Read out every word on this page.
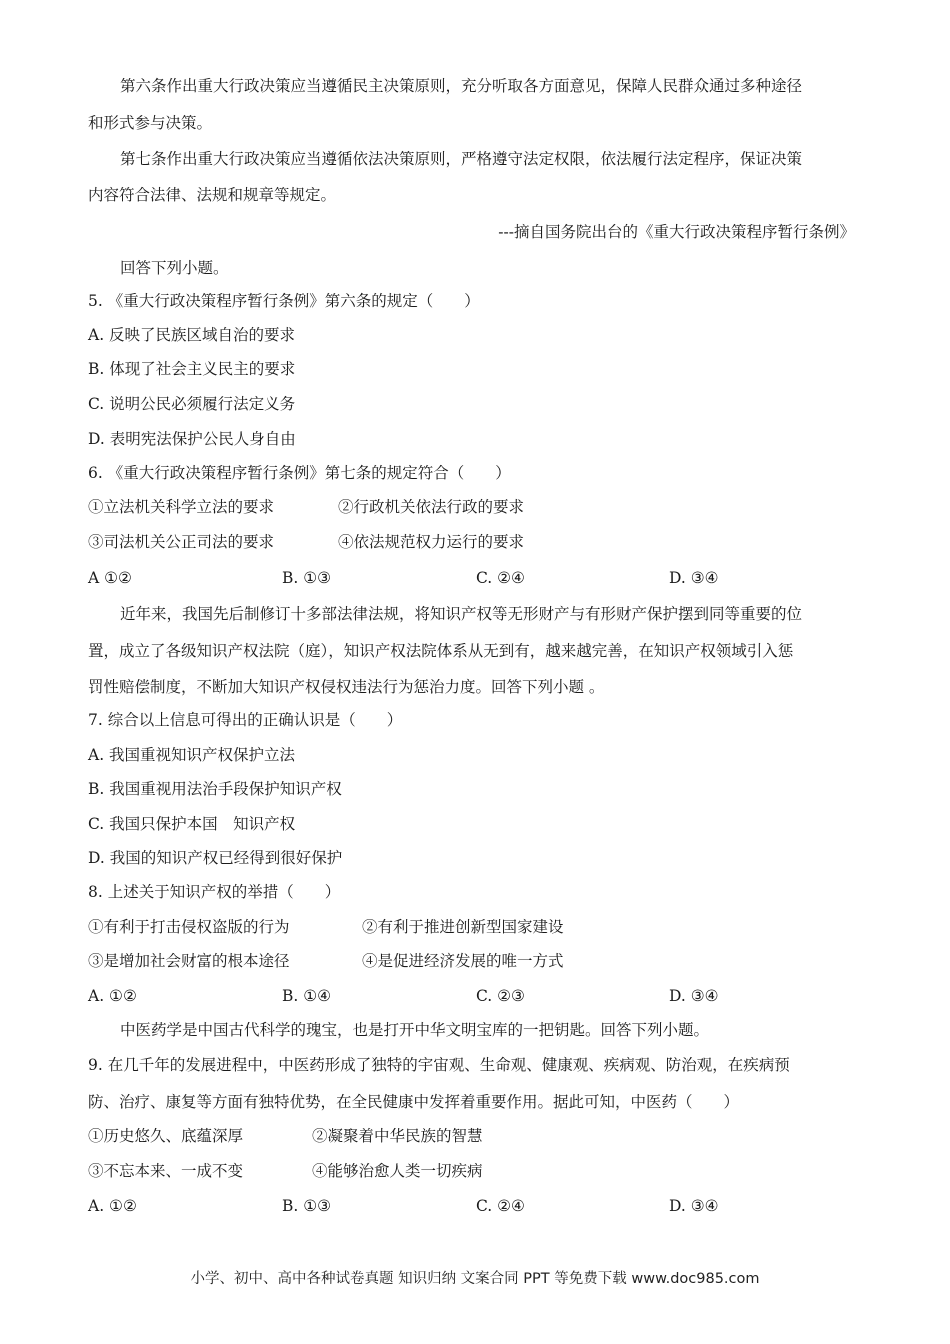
第六条作出重大行政决策应当遵循民主决策原则，充分听取各方面意见，保障人民群众通过多种途径
和形式参与决策。
第七条作出重大行政决策应当遵循依法决策原则，严格遵守法定权限，依法履行法定程序，保证决策
内容符合法律、法规和规章等规定。
---摘自国务院出台的《重大行政决策程序暂行条例》
回答下列小题。
5. 《重大行政决策程序暂行条例》第六条的规定（　　）
A. 反映了民族区域自治的要求
B. 体现了社会主义民主的要求
C. 说明公民必须履行法定义务
D. 表明宪法保护公民人身自由
6. 《重大行政决策程序暂行条例》第七条的规定符合（　　）
①立法机关科学立法的要求	②行政机关依法行政的要求
③司法机关公正司法的要求	④依法规范权力运行的要求
A ①②	B. ①③	C. ②④	D. ③④
近年来，我国先后制修订十多部法律法规，将知识产权等无形财产与有形财产保护摆到同等重要的位
置，成立了各级知识产权法院（庭），知识产权法院体系从无到有，越来越完善，在知识产权领域引入惩
罚性赔偿制度，不断加大知识产权侵权违法行为惩治力度。回答下列小题 。
7. 综合以上信息可得出的正确认识是（　　）
A. 我国重视知识产权保护立法
B. 我国重视用法治手段保护知识产权
C. 我国只保护本国　知识产权
D. 我国的知识产权已经得到很好保护
8. 上述关于知识产权的举措（　　）
①有利于打击侵权盗版的行为	②有利于推进创新型国家建设
③是增加社会财富的根本途径	④是促进经济发展的唯一方式
A. ①②	B. ①④	C. ②③	D. ③④
中医药学是中国古代科学的瑰宝，也是打开中华文明宝库的一把钥匙。回答下列小题。
9. 在几千年的发展进程中，中医药形成了独特的宇宙观、生命观、健康观、疾病观、防治观，在疾病预
防、治疗、康复等方面有独特优势，在全民健康中发挥着重要作用。据此可知，中医药（　　）
①历史悠久、底蕴深厚	②凝聚着中华民族的智慧
③不忘本来、一成不变	④能够治愈人类一切疾病
A. ①②	B. ①③	C. ②④	D. ③④
小学、初中、高中各种试卷真题 知识归纳 文案合同 PPT 等免费下载 www.doc985.com
